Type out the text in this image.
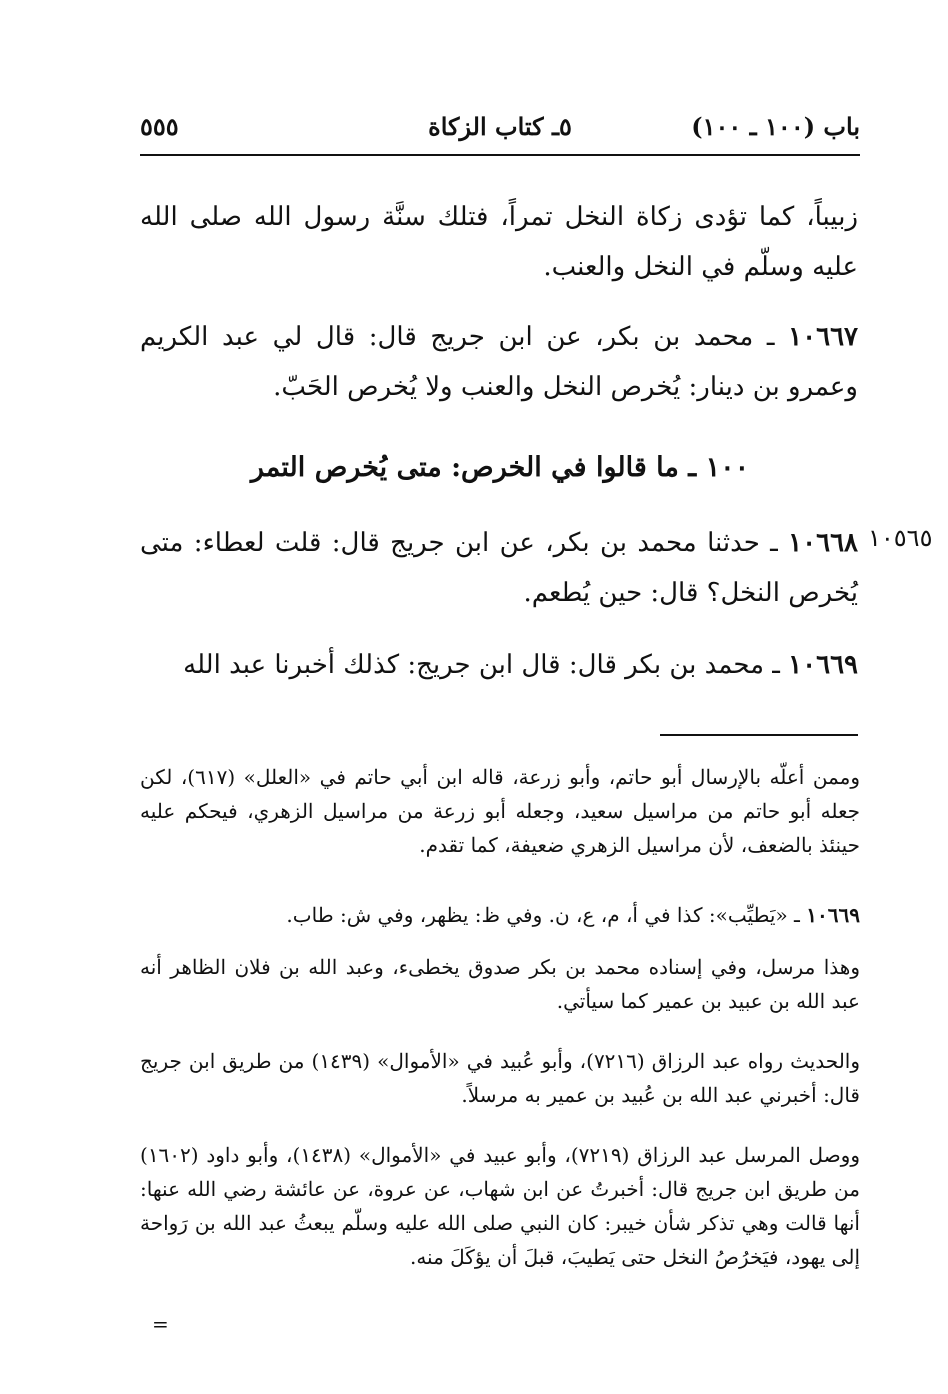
باب (١٠٠ ـ ١٠٠)
٥ـ كتاب الزكاة
٥٥٥
زبيباً، كما تؤدى زكاة النخل تمراً، فتلك سنَّة رسول الله صلى الله عليه وسلّم في النخل والعنب.
١٠٦٦٧ ـ محمد بن بكر، عن ابن جريج قال: قال لي عبد الكريم وعمرو بن دينار: يُخرص النخل والعنب ولا يُخرص الحَبّ.
١٠٠ ـ ما قالوا في الخرص: متى يُخرص التمر
١٠٥٦٥
١٠٦٦٨ ـ حدثنا محمد بن بكر، عن ابن جريج قال: قلت لعطاء: متى يُخرص النخل؟ قال: حين يُطعم.
١٠٦٦٩ ـ محمد بن بكر قال: قال ابن جريج: كذلك أخبرنا عبد الله
وممن أعلّه بالإرسال أبو حاتم، وأبو زرعة، قاله ابن أبي حاتم في «العلل» (٦١٧)، لكن جعله أبو حاتم من مراسيل سعيد، وجعله أبو زرعة من مراسيل الزهري، فيحكم عليه حينئذ بالضعف، لأن مراسيل الزهري ضعيفة، كما تقدم.
١٠٦٦٩ ـ «يَطيِّب»: كذا في أ، م، ع، ن. وفي ظ: يظهر، وفي ش: طاب.
وهذا مرسل، وفي إسناده محمد بن بكر صدوق يخطىء، وعبد الله بن فلان الظاهر أنه عبد الله بن عبيد بن عمير كما سيأتي.
والحديث رواه عبد الرزاق (٧٢١٦)، وأبو عُبيد في «الأموال» (١٤٣٩) من طريق ابن جريج قال: أخبرني عبد الله بن عُبيد بن عمير به مرسلاً.
ووصل المرسل عبد الرزاق (٧٢١٩)، وأبو عبيد في «الأموال» (١٤٣٨)، وأبو داود (١٦٠٢) من طريق ابن جريج قال: أخبرتُ عن ابن شهاب، عن عروة، عن عائشة رضي الله عنها: أنها قالت وهي تذكر شأن خيبر: كان النبي صلى الله عليه وسلّم يبعثُ عبد الله بن رَواحة إلى يهود، فيَخرُصُ النخل حتى يَطيبَ، قبلَ أن يؤكَلَ منه.
=
